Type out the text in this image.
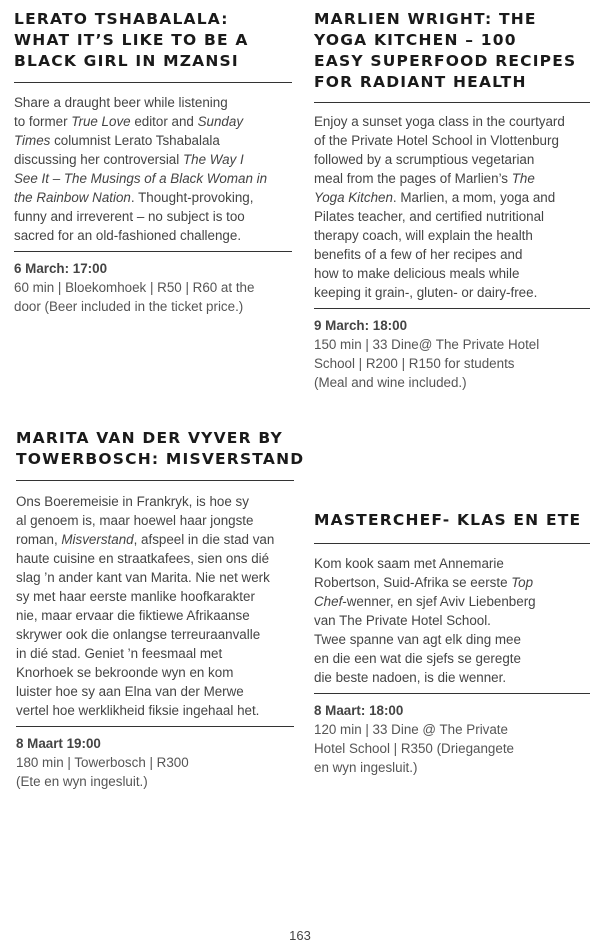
LERATO TSHABALALA:
WHAT IT’S LIKE TO BE A
BLACK GIRL IN MZANSI
Share a draught beer while listening
to former True Love editor and Sunday
Times columnist Lerato Tshabalala
discussing her controversial The Way I
See It – The Musings of a Black Woman in
the Rainbow Nation. Thought-provoking,
funny and irreverent – no subject is too
sacred for an old-fashioned challenge.
6 March: 17:00
60 min | Bloekomhoek | R50 | R60 at the
door (Beer included in the ticket price.)
MARLIEN WRIGHT: THE
YOGA KITCHEN – 100
EASY SUPERFOOD RECIPES
FOR RADIANT HEALTH
Enjoy a sunset yoga class in the courtyard
of the Private Hotel School in Vlottenburg
followed by a scrumptious vegetarian
meal from the pages of Marlien’s The
Yoga Kitchen. Marlien, a mom, yoga and
Pilates teacher, and certified nutritional
therapy coach, will explain the health
benefits of a few of her recipes and
how to make delicious meals while
keeping it grain-, gluten- or dairy-free.
9 March: 18:00
150 min | 33 Dine@ The Private Hotel
School | R200 | R150 for students
(Meal and wine included.)
MARITA VAN DER VYVER BY
TOWERBOSCH: MISVERSTAND
Ons Boeremeisie in Frankryk, is hoe sy
al genoem is, maar hoewel haar jongste
roman, Misverstand, afspeel in die stad van
haute cuisine en straatkafees, sien ons dié
slag ’n ander kant van Marita. Nie net werk
sy met haar eerste manlike hoofkarakter
nie, maar ervaar die fiktiewe Afrikaanse
skrywer ook die onlangse terreuraanvalle
in dié stad. Geniet ’n feesmaal met
Knorhoek se bekroonde wyn en kom
luister hoe sy aan Elna van der Merwe
vertel hoe werklikheid fiksie ingehaal het.
8 Maart 19:00
180 min | Towerbosch | R300
(Ete en wyn ingesluit.)
MASTERCHEF- KLAS EN ETE
Kom kook saam met Annemarie
Robertson, Suid-Afrika se eerste Top
Chef-wenner, en sjef Aviv Liebenberg
van The Private Hotel School.
Twee spanne van agt elk ding mee
en die een wat die sjefs se geregte
die beste nadoen, is die wenner.
8 Maart: 18:00
120 min | 33 Dine @ The Private
Hotel School | R350 (Driegangete
en wyn ingesluit.)
163
